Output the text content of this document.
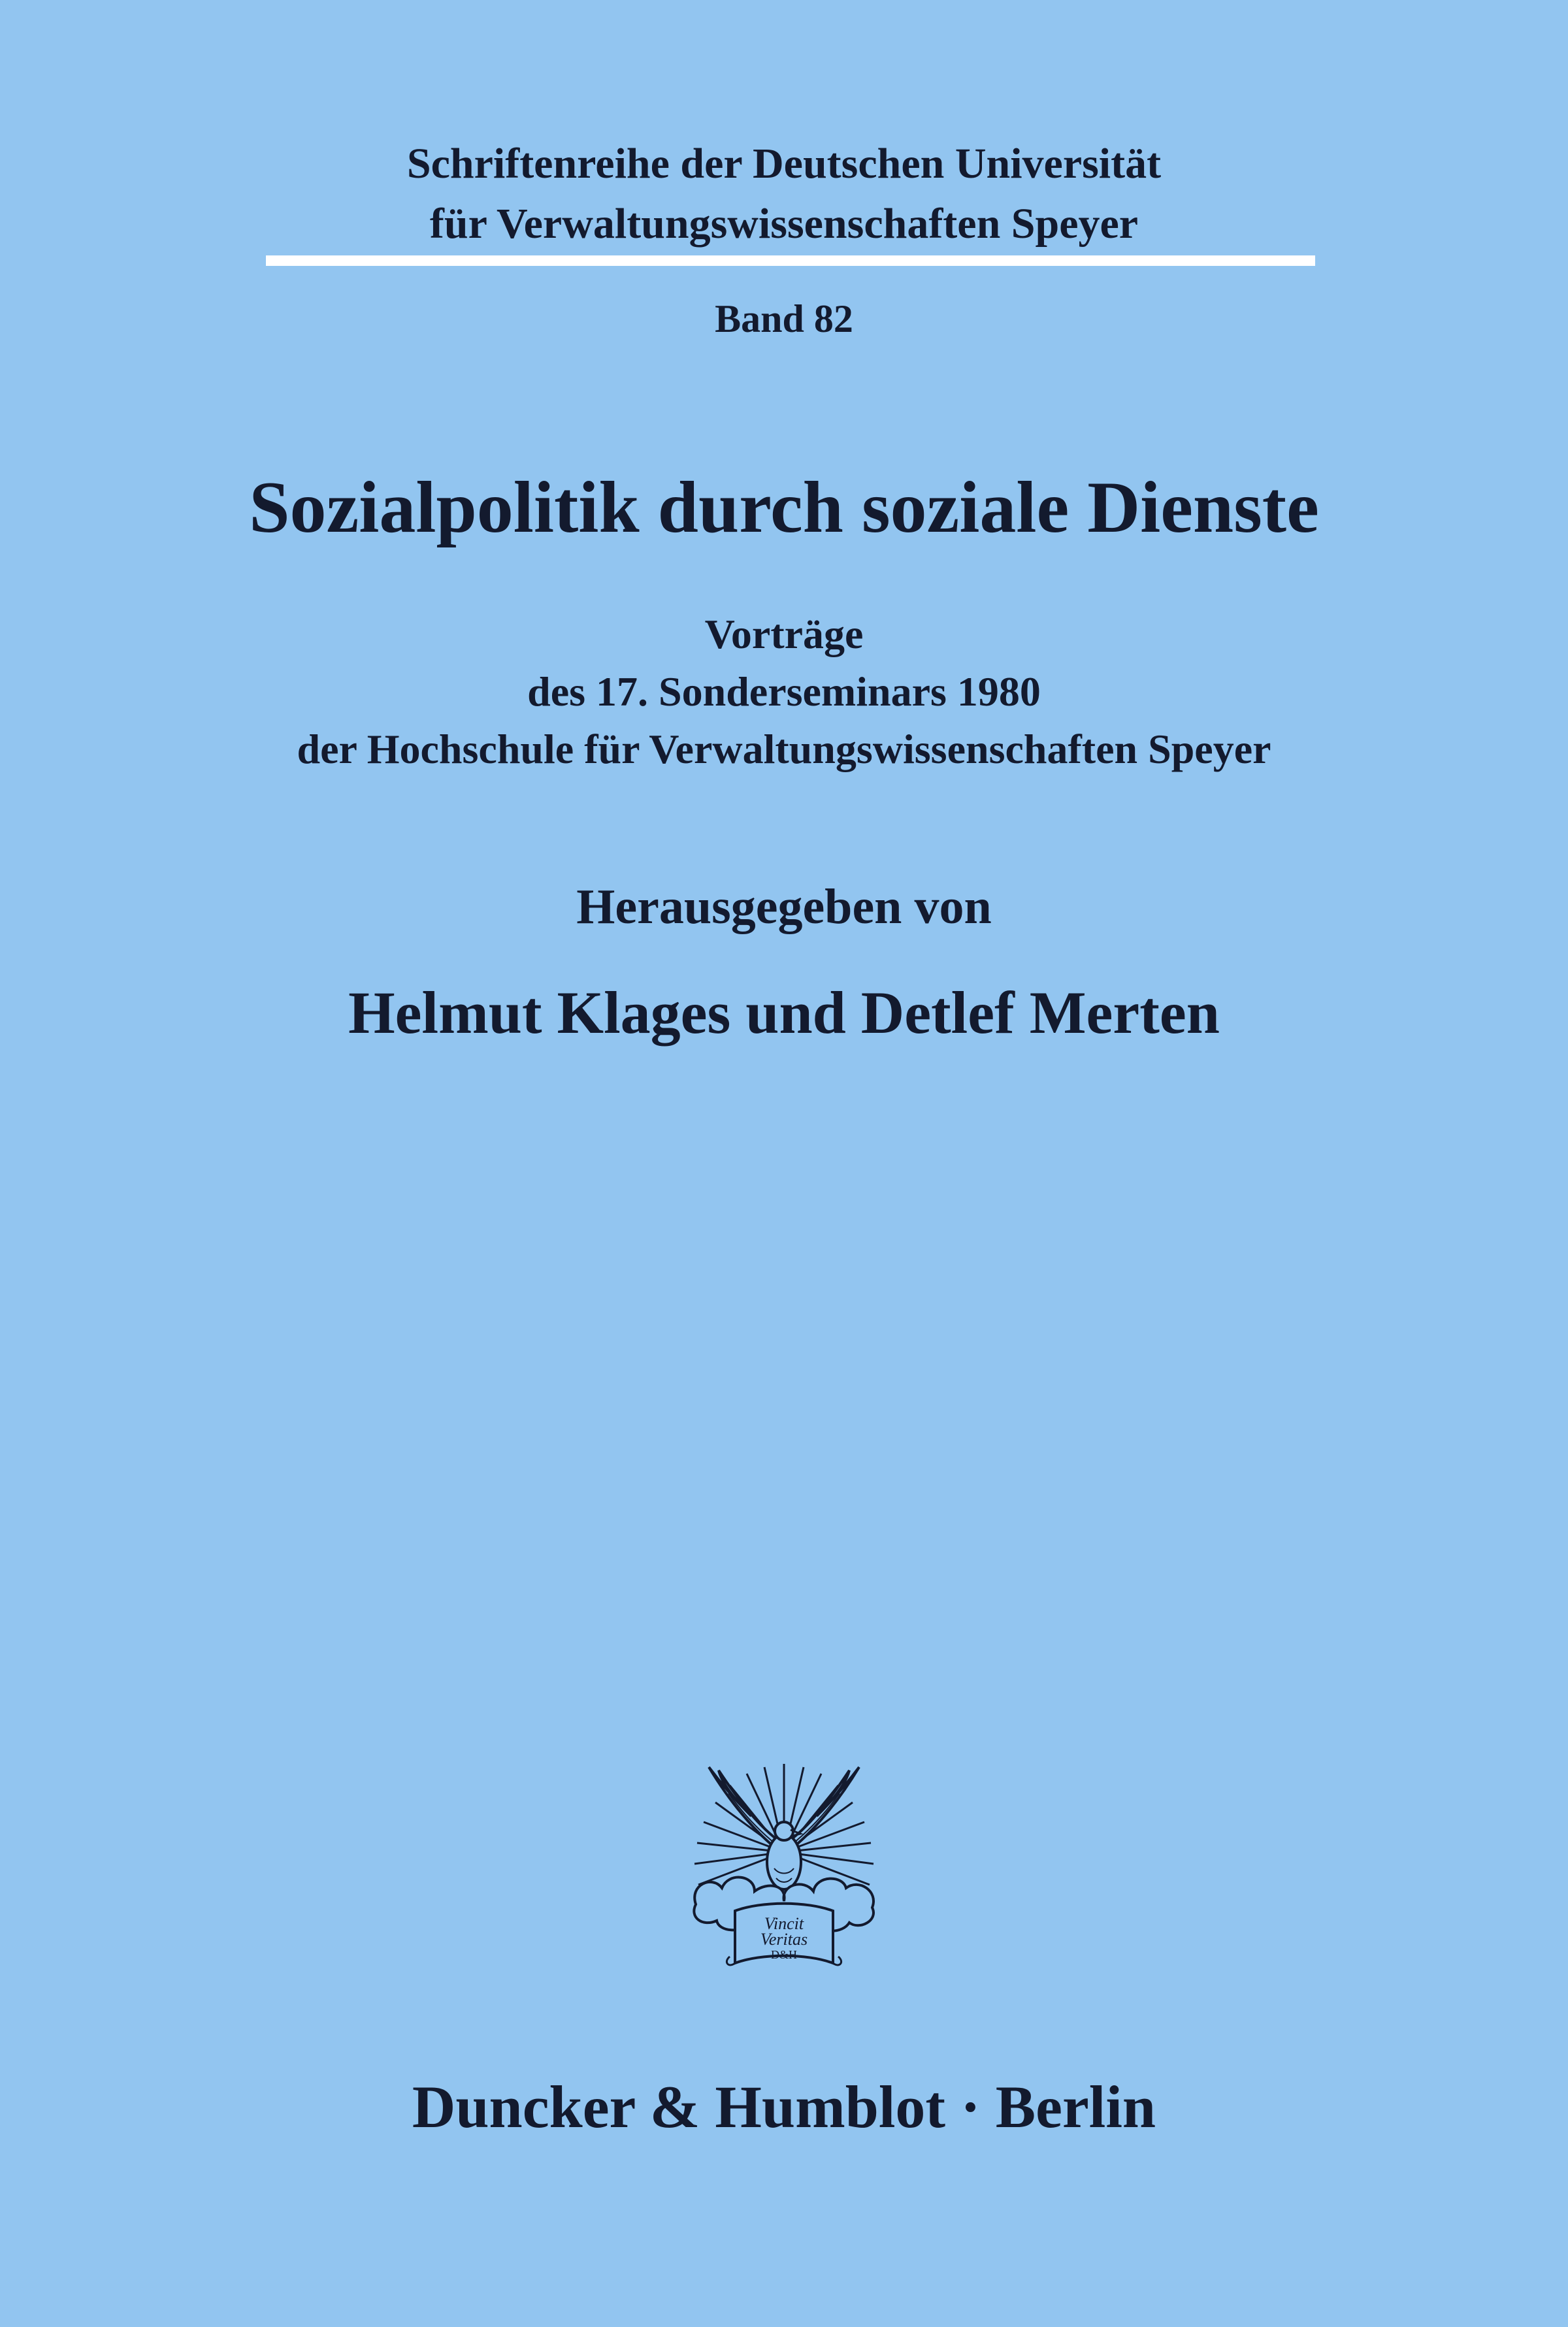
Schriftenreihe der Deutschen Universität
für Verwaltungswissenschaften Speyer
Band 82
Sozialpolitik durch soziale Dienste
Vorträge
des 17. Sonderseminars 1980
der Hochschule für Verwaltungswissenschaften Speyer
Herausgegeben von
Helmut Klages und Detlef Merten
Vincit
Veritas
D&H
Duncker & Humblot · Berlin
